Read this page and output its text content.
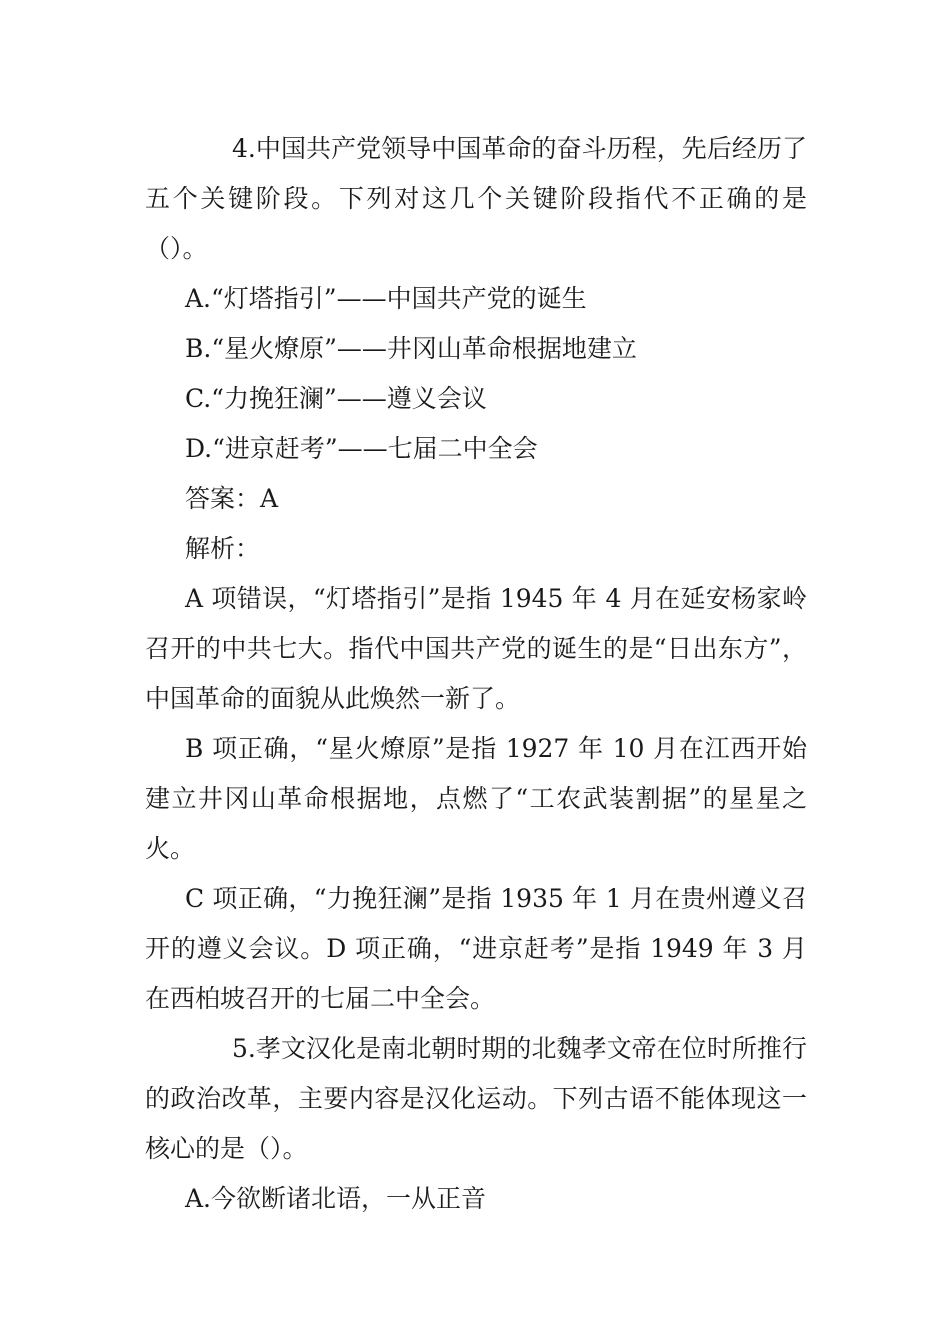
4.中国共产党领导中国革命的奋斗历程，先后经历了五个关键阶段。下列对这几个关键阶段指代不正确的是（）。

A.“灯塔指引”——中国共产党的诞生

B.“星火燎原”——井冈山革命根据地建立

C.“力挽狂澜”——遵义会议

D.“进京赶考”——七届二中全会

答案：A

解析：

A 项错误，“灯塔指引”是指 1945 年 4 月在延安杨家岭召开的中共七大。指代中国共产党的诞生的是“日出东方”，中国革命的面貌从此焕然一新了。

B 项正确，“星火燎原”是指 1927 年 10 月在江西开始建立井冈山革命根据地，点燃了“工农武装割据”的星星之火。

C 项正确，“力挽狂澜”是指 1935 年 1 月在贵州遵义召开的遵义会议。D 项正确，“进京赶考”是指 1949 年 3 月在西柏坡召开的七届二中全会。

5.孝文汉化是南北朝时期的北魏孝文帝在位时所推行的政治改革，主要内容是汉化运动。下列古语不能体现这一核心的是（）。

A.今欲断诸北语，一从正音
